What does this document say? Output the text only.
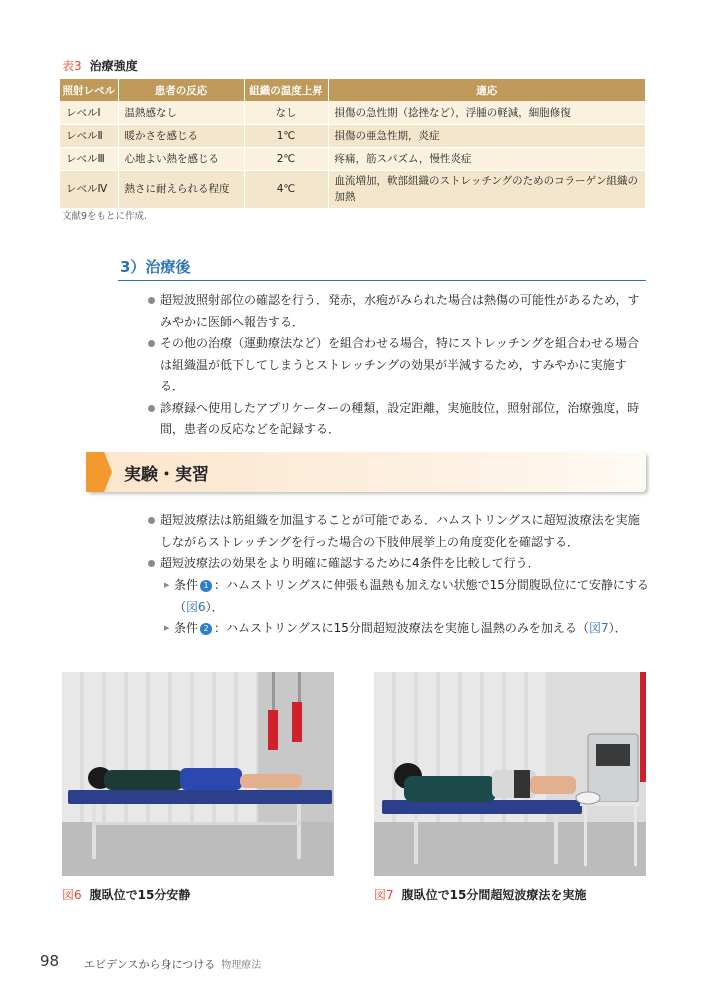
表3 治療強度
照射レベル	患者の反応	組織の温度上昇	適応
レベルⅠ	温熱感なし	なし	損傷の急性期（捻挫など），浮腫の軽減，細胞修復
レベルⅡ	暖かさを感じる	1℃	損傷の亜急性期，炎症
レベルⅢ	心地よい熱を感じる	2℃	疼痛，筋スパズム，慢性炎症
レベルⅣ	熱さに耐えられる程度	4℃	血流増加，軟部組織のストレッチングのためのコラーゲン組織の加熱
文献9をもとに作成.
3）治療後
超短波照射部位の確認を行う．発赤，水疱がみられた場合は熱傷の可能性があるため，すみやかに医師へ報告する．
その他の治療（運動療法など）を組合わせる場合，特にストレッチングを組合わせる場合は組織温が低下してしまうとストレッチングの効果が半減するため，すみやかに実施する．
診療録へ使用したアプリケーターの種類，設定距離，実施肢位，照射部位，治療強度，時間，患者の反応などを記録する．
実験・実習
超短波療法は筋組織を加温することが可能である．ハムストリングスに超短波療法を実施しながらストレッチングを行った場合の下肢伸展挙上の角度変化を確認する．
超短波療法の効果をより明確に確認するために4条件を比較して行う．
▶ 条件 1 ：ハムストリングスに伸張も温熱も加えない状態で15分間腹臥位にて安静にする（図6）．
▶ 条件 2 ：ハムストリングスに15分間超短波療法を実施し温熱のみを加える（図7）．
図6 腹臥位で15分安静	図7 腹臥位で15分間超短波療法を実施
98 エビデンスから身につける 物理療法
